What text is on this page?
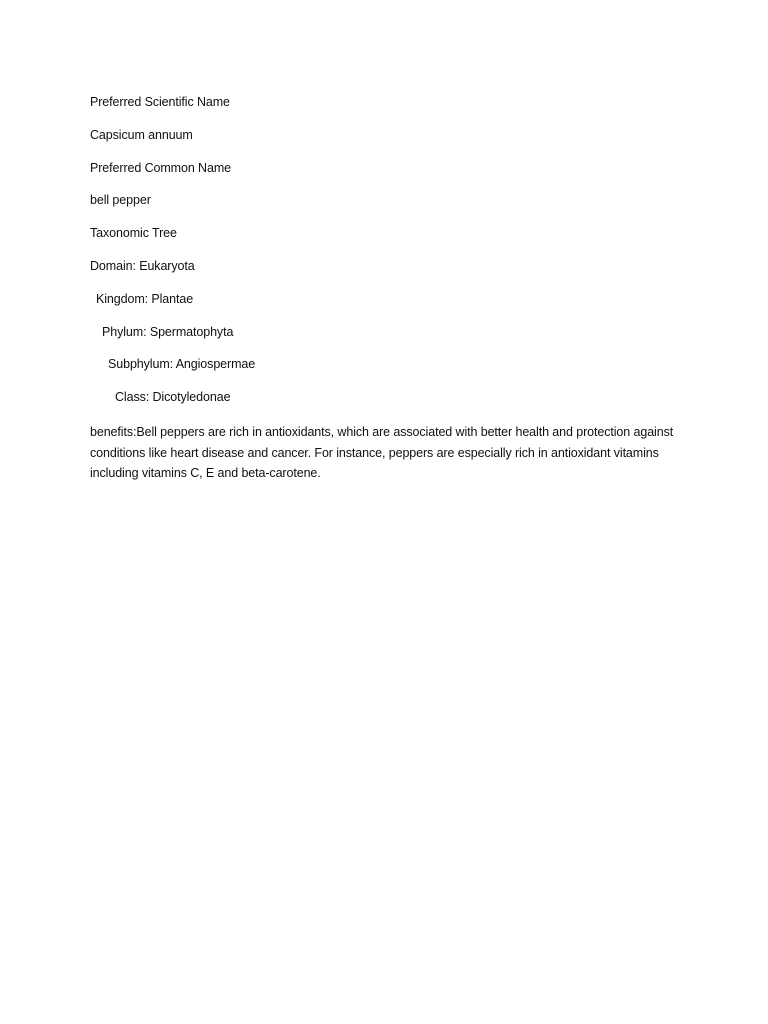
Preferred Scientific Name
Capsicum annuum
Preferred Common Name
bell pepper
Taxonomic Tree
Domain: Eukaryota
Kingdom: Plantae
Phylum: Spermatophyta
Subphylum: Angiospermae
Class: Dicotyledonae
benefits:Bell peppers are rich in antioxidants, which are associated with better health and protection against conditions like heart disease and cancer. For instance, peppers are especially rich in antioxidant vitamins including vitamins C, E and beta-carotene.
